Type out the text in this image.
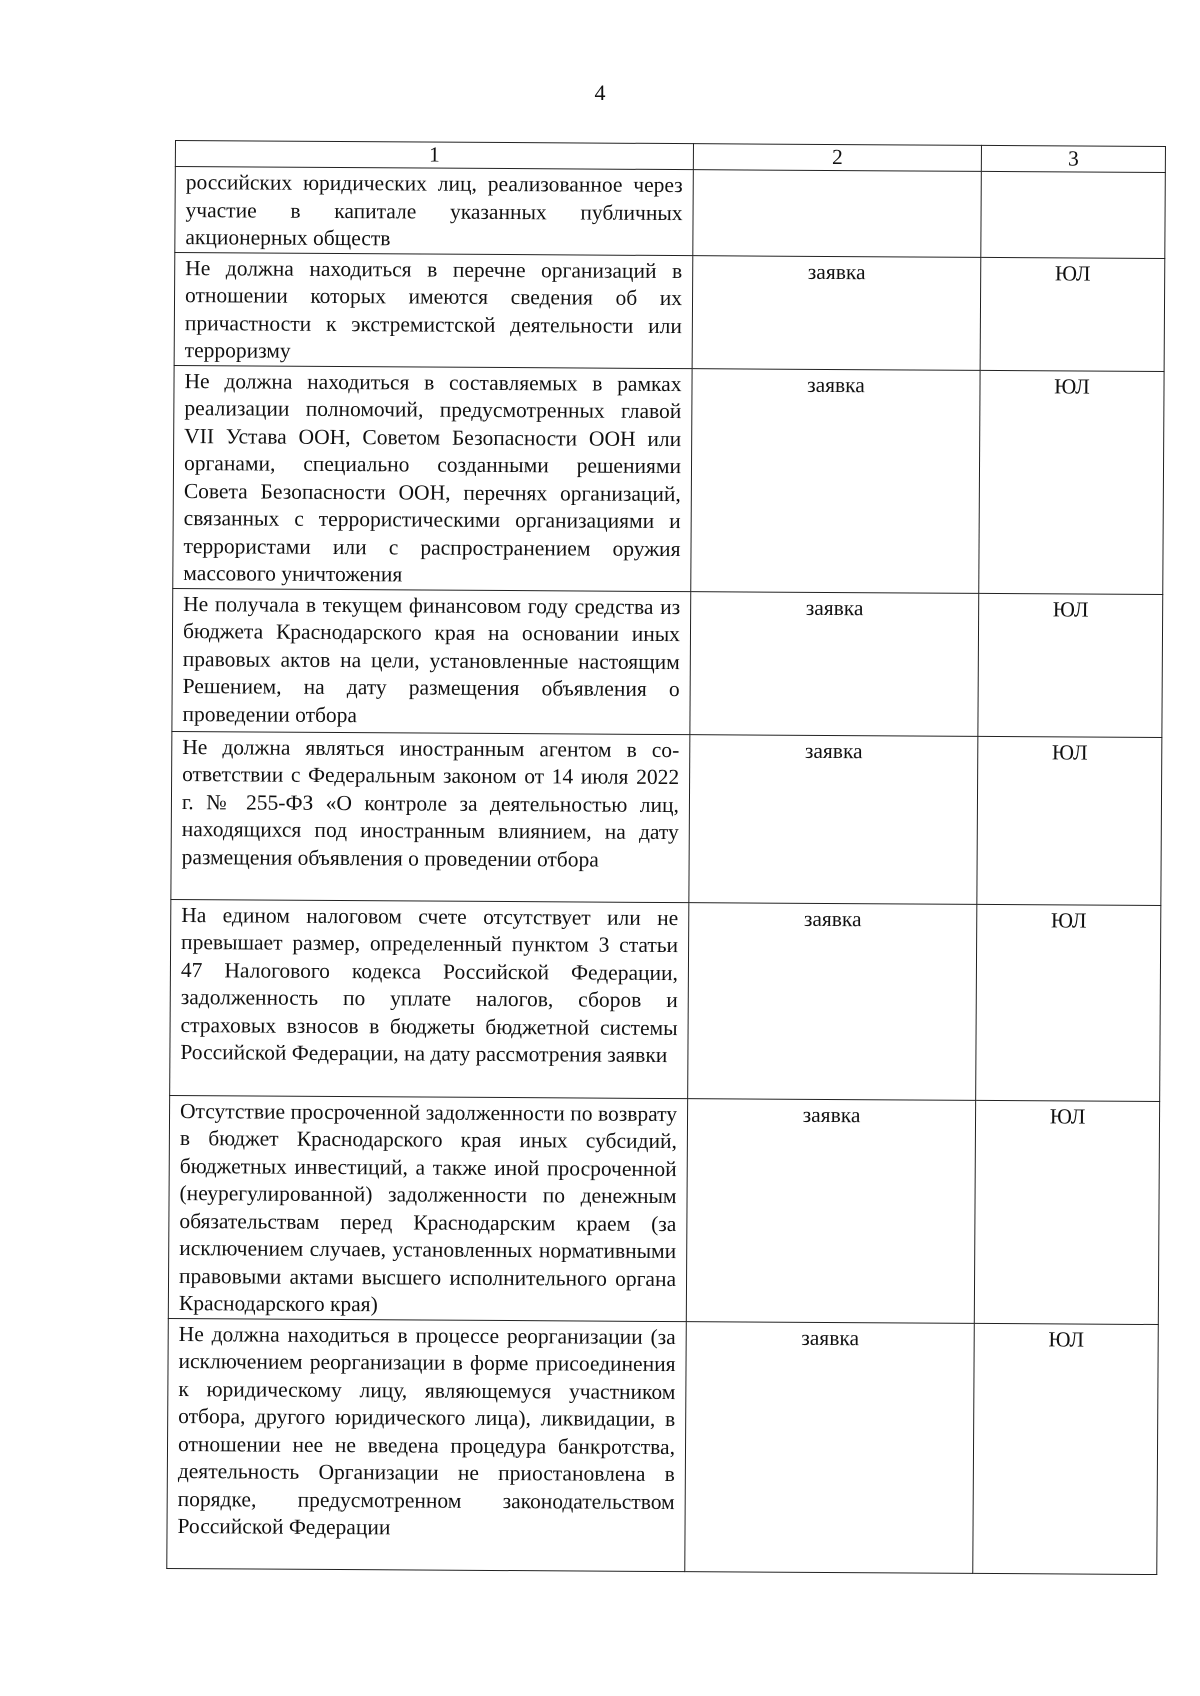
4
1	2	3
российских юридических лиц, реализованное через участие в капитале указанных публичных акционерных обществ		
Не должна находиться в перечне организаций в отношении которых имеются сведения об их причастности к экстремистской деятельности или терроризму	заявка	ЮЛ
Не должна находиться в составляемых в рамках реализации полномочий, предусмотренных главой VII Устава ООН, Советом Безопасности ООН или органами, специально созданными решениями Совета Безопасности ООН, перечнях организаций, связанных с террористическими организациями и террористами или с распространением оружия массового уничтожения	заявка	ЮЛ
Не получала в текущем финансовом году средства из бюджета Краснодарского края на основании иных правовых актов на цели, установленные настоящим Решением, на дату размещения объявления о проведении отбора	заявка	ЮЛ
Не должна являться иностранным агентом в соответствии с Федеральным законом от 14 июля 2022 г. № 255-ФЗ «О контроле за деятельностью лиц, находящихся под иностранным влиянием, на дату размещения объявления о проведении отбора	заявка	ЮЛ
На едином налоговом счете отсутствует или не превышает размер, определенный пунктом 3 статьи 47 Налогового кодекса Российской Федерации, задолженность по уплате налогов, сборов и страховых взносов в бюджеты бюджетной системы Российской Федерации, на дату рассмотрения заявки	заявка	ЮЛ
Отсутствие просроченной задолженности по возврату в бюджет Краснодарского края иных субсидий, бюджетных инвестиций, а также иной просроченной (неурегулированной) задолженности по денежным обязательствам перед Краснодарским краем (за исключением случаев, установленных нормативными правовыми актами высшего исполнительного органа Краснодарского края)	заявка	ЮЛ
Не должна находиться в процессе реорганизации (за исключением реорганизации в форме присоединения к юридическому лицу, являющемуся участником отбора, другого юридического лица), ликвидации, в отношении нее не введена процедура банкротства, деятельность Организации не приостановлена в порядке, предусмотренном законодательством Российской Федерации	заявка	ЮЛ
